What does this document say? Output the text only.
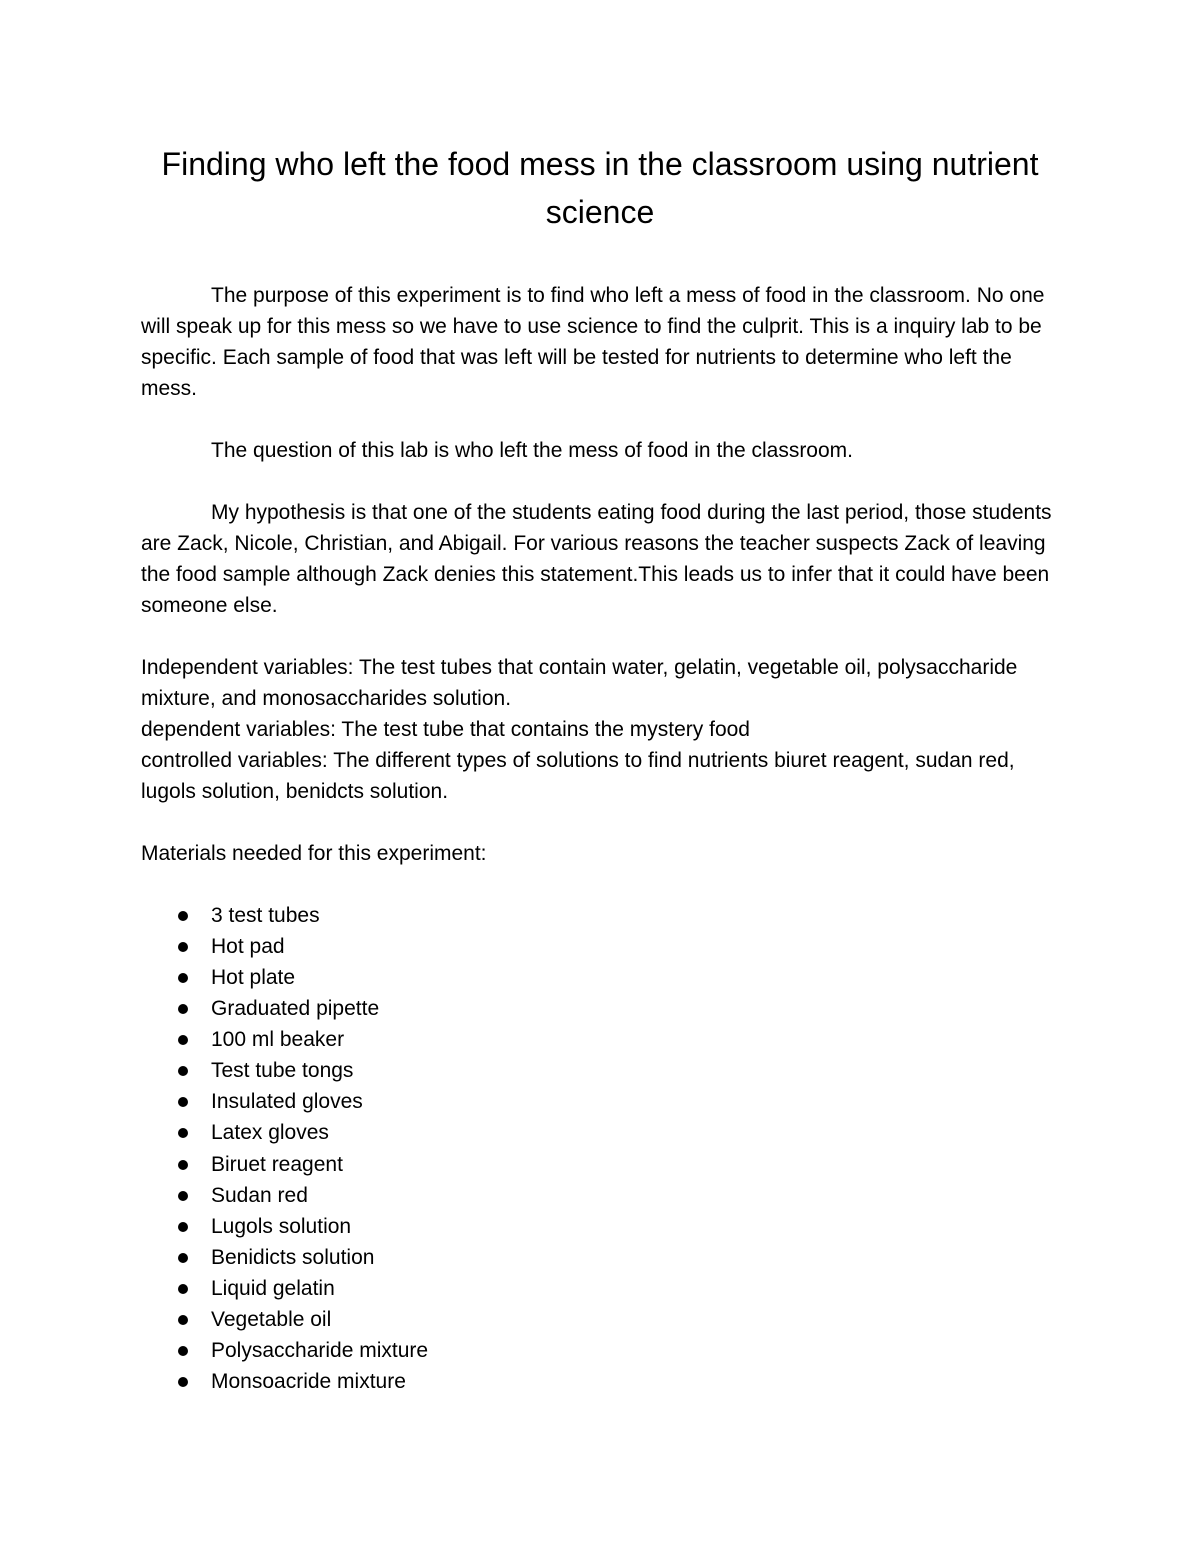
Finding who left the food mess in the classroom using nutrient science

The purpose of this experiment is to find who left a mess of food in the classroom. No one will speak up for this mess so we have to use science to find the culprit. This is a inquiry lab to be specific. Each sample of food that was left will be tested for nutrients to determine who left the mess.

The question of this lab is who left the mess of food in the classroom.

My hypothesis is that one of the students eating food during the last period, those students are Zack, Nicole, Christian, and Abigail. For various reasons the teacher suspects Zack of leaving the food sample although Zack denies this statement.This leads us to infer that it could have been someone else.

Independent variables: The test tubes that contain water, gelatin, vegetable oil, polysaccharide mixture, and monosaccharides solution.
dependent variables: The test tube that contains the mystery food
controlled variables: The different types of solutions to find nutrients biuret reagent, sudan red, lugols solution, benidcts solution.

Materials needed for this experiment:

3 test tubes
Hot pad
Hot plate
Graduated pipette
100 ml beaker
Test tube tongs
Insulated gloves
Latex gloves
Biruet reagent
Sudan red
Lugols solution
Benidicts solution
Liquid gelatin
Vegetable oil
Polysaccharide mixture
Monsoacride mixture
